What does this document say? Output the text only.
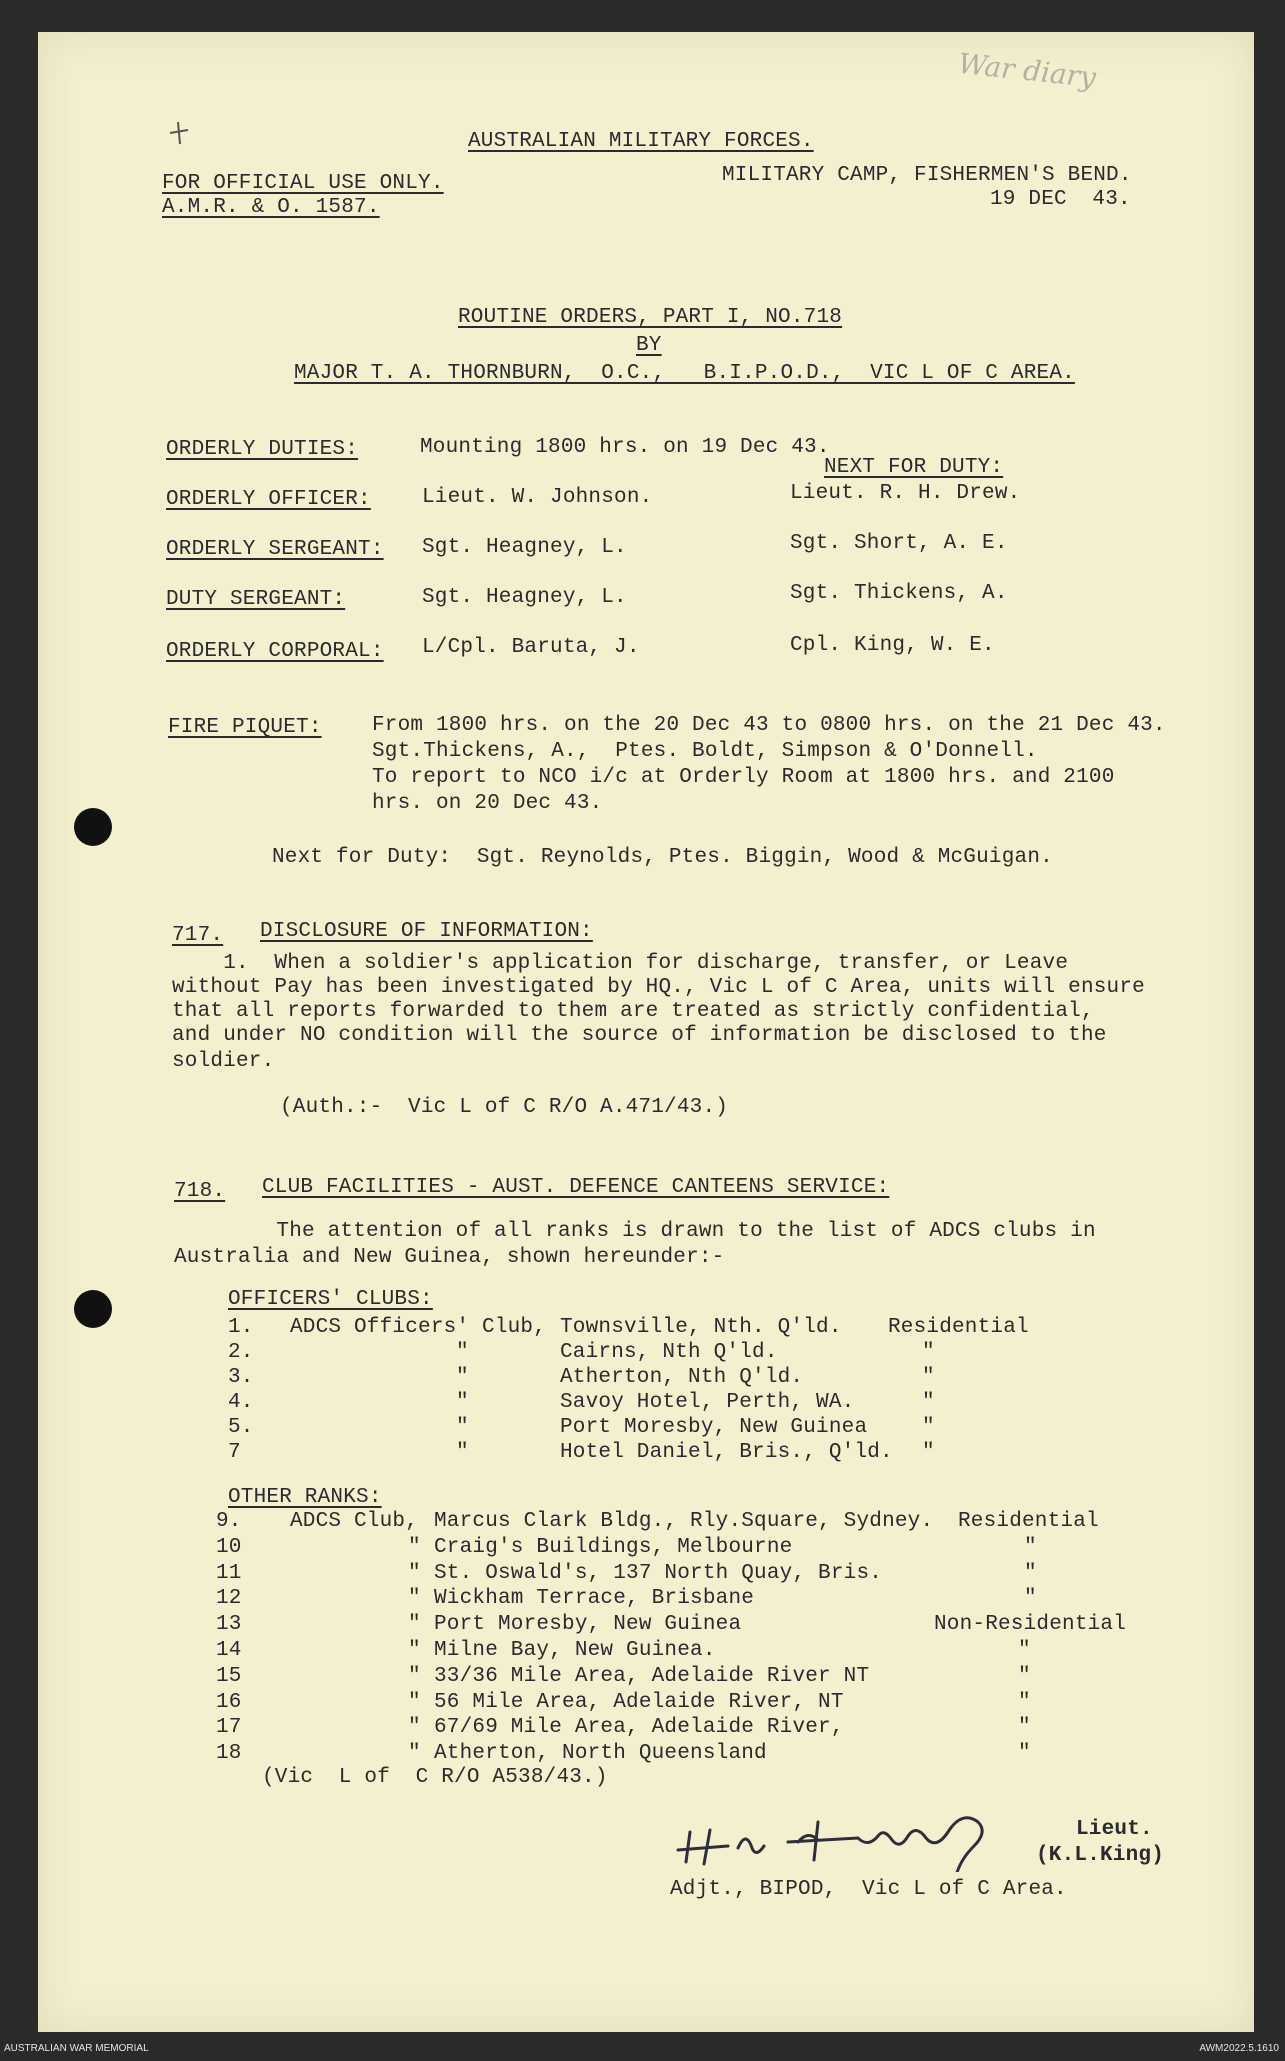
War diary
AUSTRALIAN MILITARY FORCES.
FOR OFFICIAL USE ONLY.
A.M.R. & O. 1587.
MILITARY CAMP, FISHERMEN'S BEND.
19 DEC  43.
ROUTINE ORDERS, PART I, NO.718
BY
MAJOR T. A. THORNBURN,  O.C.,   B.I.P.O.D.,  VIC L OF C AREA.
ORDERLY DUTIES:	Mounting 1800 hrs. on 19 Dec 43.
NEXT FOR DUTY:
ORDERLY OFFICER: Lieut. W. Johnson.	Lieut. R. H. Drew.
ORDERLY SERGEANT: Sgt. Heagney, L.	Sgt. Short, A. E.
DUTY SERGEANT:	Sgt. Heagney, L.	Sgt. Thickens, A.
ORDERLY CORPORAL: L/Cpl. Baruta, J.	Cpl. King, W. E.
FIRE PIQUET: From 1800 hrs. on the 20 Dec 43 to 0800 hrs. on the 21 Dec 43.
Sgt.Thickens, A.,  Ptes. Boldt, Simpson & O'Donnell.
To report to NCO i/c at Orderly Room at 1800 hrs. and 2100
hrs. on 20 Dec 43.
Next for Duty:  Sgt. Reynolds, Ptes. Biggin, Wood & McGuigan.
717. DISCLOSURE OF INFORMATION:
1.  When a soldier's application for discharge, transfer, or Leave
without Pay has been investigated by HQ., Vic L of C Area, units will ensure
that all reports forwarded to them are treated as strictly confidential,
and under NO condition will the source of information be disclosed to the
soldier.
(Auth.:-  Vic L of C R/O A.471/43.)
718. CLUB FACILITIES - AUST. DEFENCE CANTEENS SERVICE:
The attention of all ranks is drawn to the list of ADCS clubs in
Australia and New Guinea, shown hereunder:-
OFFICERS' CLUBS:
1. ADCS Officers' Club, Townsville, Nth. Q'ld. Residential
2.	"	Cairns, Nth Q'ld.	"
3.	"	Atherton, Nth Q'ld.	"
4.	"	Savoy Hotel, Perth, WA.	"
5.	"	Port Moresby, New Guinea	"
7	"	Hotel Daniel, Bris., Q'ld. "
OTHER RANKS:
9. ADCS Club, Marcus Clark Bldg., Rly.Square, Sydney. Residential
10	" Craig's Buildings, Melbourne	"
11	" St. Oswald's, 137 North Quay, Bris.	"
12	" Wickham Terrace, Brisbane	"
13	" Port Moresby, New Guinea	Non-Residential
14	" Milne Bay, New Guinea.	"
15	" 33/36 Mile Area, Adelaide River NT	"
16	" 56 Mile Area, Adelaide River, NT	"
17	" 67/69 Mile Area, Adelaide River,	"
18	" Atherton, North Queensland	"
(Vic  L of  C R/O A538/43.)
Lieut.
(K.L.King)
Adjt., BIPOD,  Vic L of C Area.
AUSTRALIAN WAR MEMORIAL	AWM2022.5.1610
